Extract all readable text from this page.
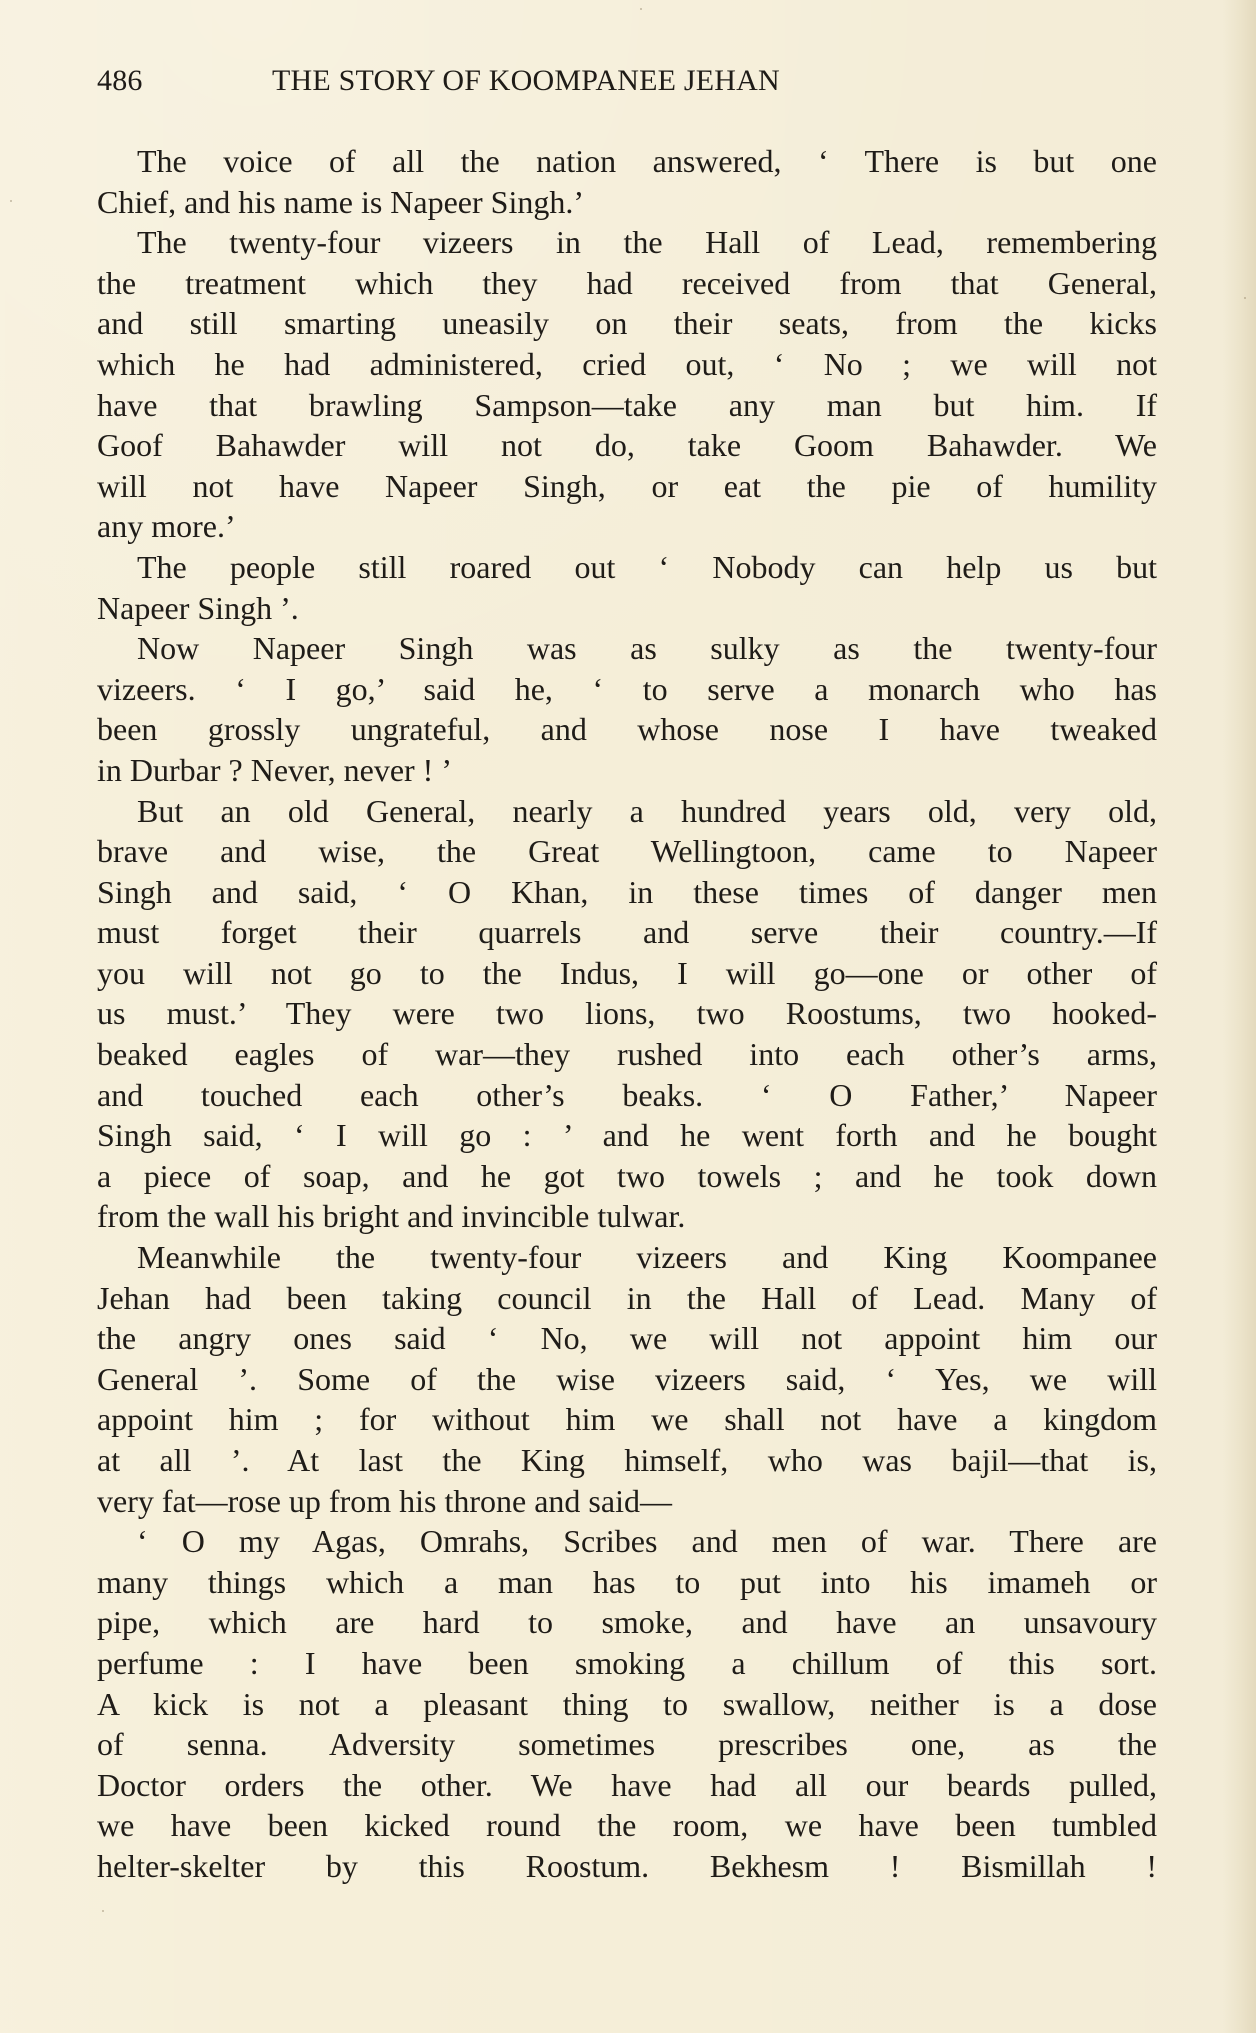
486	THE STORY OF KOOMPANEE JEHAN
The voice of all the nation answered, ‘ There is but one
Chief, and his name is Napeer Singh.’
The twenty-four vizeers in the Hall of Lead, remembering
the treatment which they had received from that General,
and still smarting uneasily on their seats, from the kicks
which he had administered, cried out, ‘ No ; we will not
have that brawling Sampson—take any man but him. If
Goof Bahawder will not do, take Goom Bahawder. We
will not have Napeer Singh, or eat the pie of humility
any more.’
The people still roared out ‘ Nobody can help us but
Napeer Singh ’.
Now Napeer Singh was as sulky as the twenty-four
vizeers. ‘ I go,’ said he, ‘ to serve a monarch who has
been grossly ungrateful, and whose nose I have tweaked
in Durbar ? Never, never ! ’
But an old General, nearly a hundred years old, very old,
brave and wise, the Great Wellingtoon, came to Napeer
Singh and said, ‘ O Khan, in these times of danger men
must forget their quarrels and serve their country.—If
you will not go to the Indus, I will go—one or other of
us must.’ They were two lions, two Roostums, two hooked-
beaked eagles of war—they rushed into each other’s arms,
and touched each other’s beaks. ‘ O Father,’ Napeer
Singh said, ‘ I will go : ’ and he went forth and he bought
a piece of soap, and he got two towels ; and he took down
from the wall his bright and invincible tulwar.
Meanwhile the twenty-four vizeers and King Koompanee
Jehan had been taking council in the Hall of Lead. Many of
the angry ones said ‘ No, we will not appoint him our
General ’. Some of the wise vizeers said, ‘ Yes, we will
appoint him ; for without him we shall not have a kingdom
at all ’. At last the King himself, who was bajil—that is,
very fat—rose up from his throne and said—
‘ O my Agas, Omrahs, Scribes and men of war. There are
many things which a man has to put into his imameh or
pipe, which are hard to smoke, and have an unsavoury
perfume : I have been smoking a chillum of this sort.
A kick is not a pleasant thing to swallow, neither is a dose
of senna. Adversity sometimes prescribes one, as the
Doctor orders the other. We have had all our beards pulled,
we have been kicked round the room, we have been tumbled
helter-skelter by this Roostum. Bekhesm ! Bismillah !
